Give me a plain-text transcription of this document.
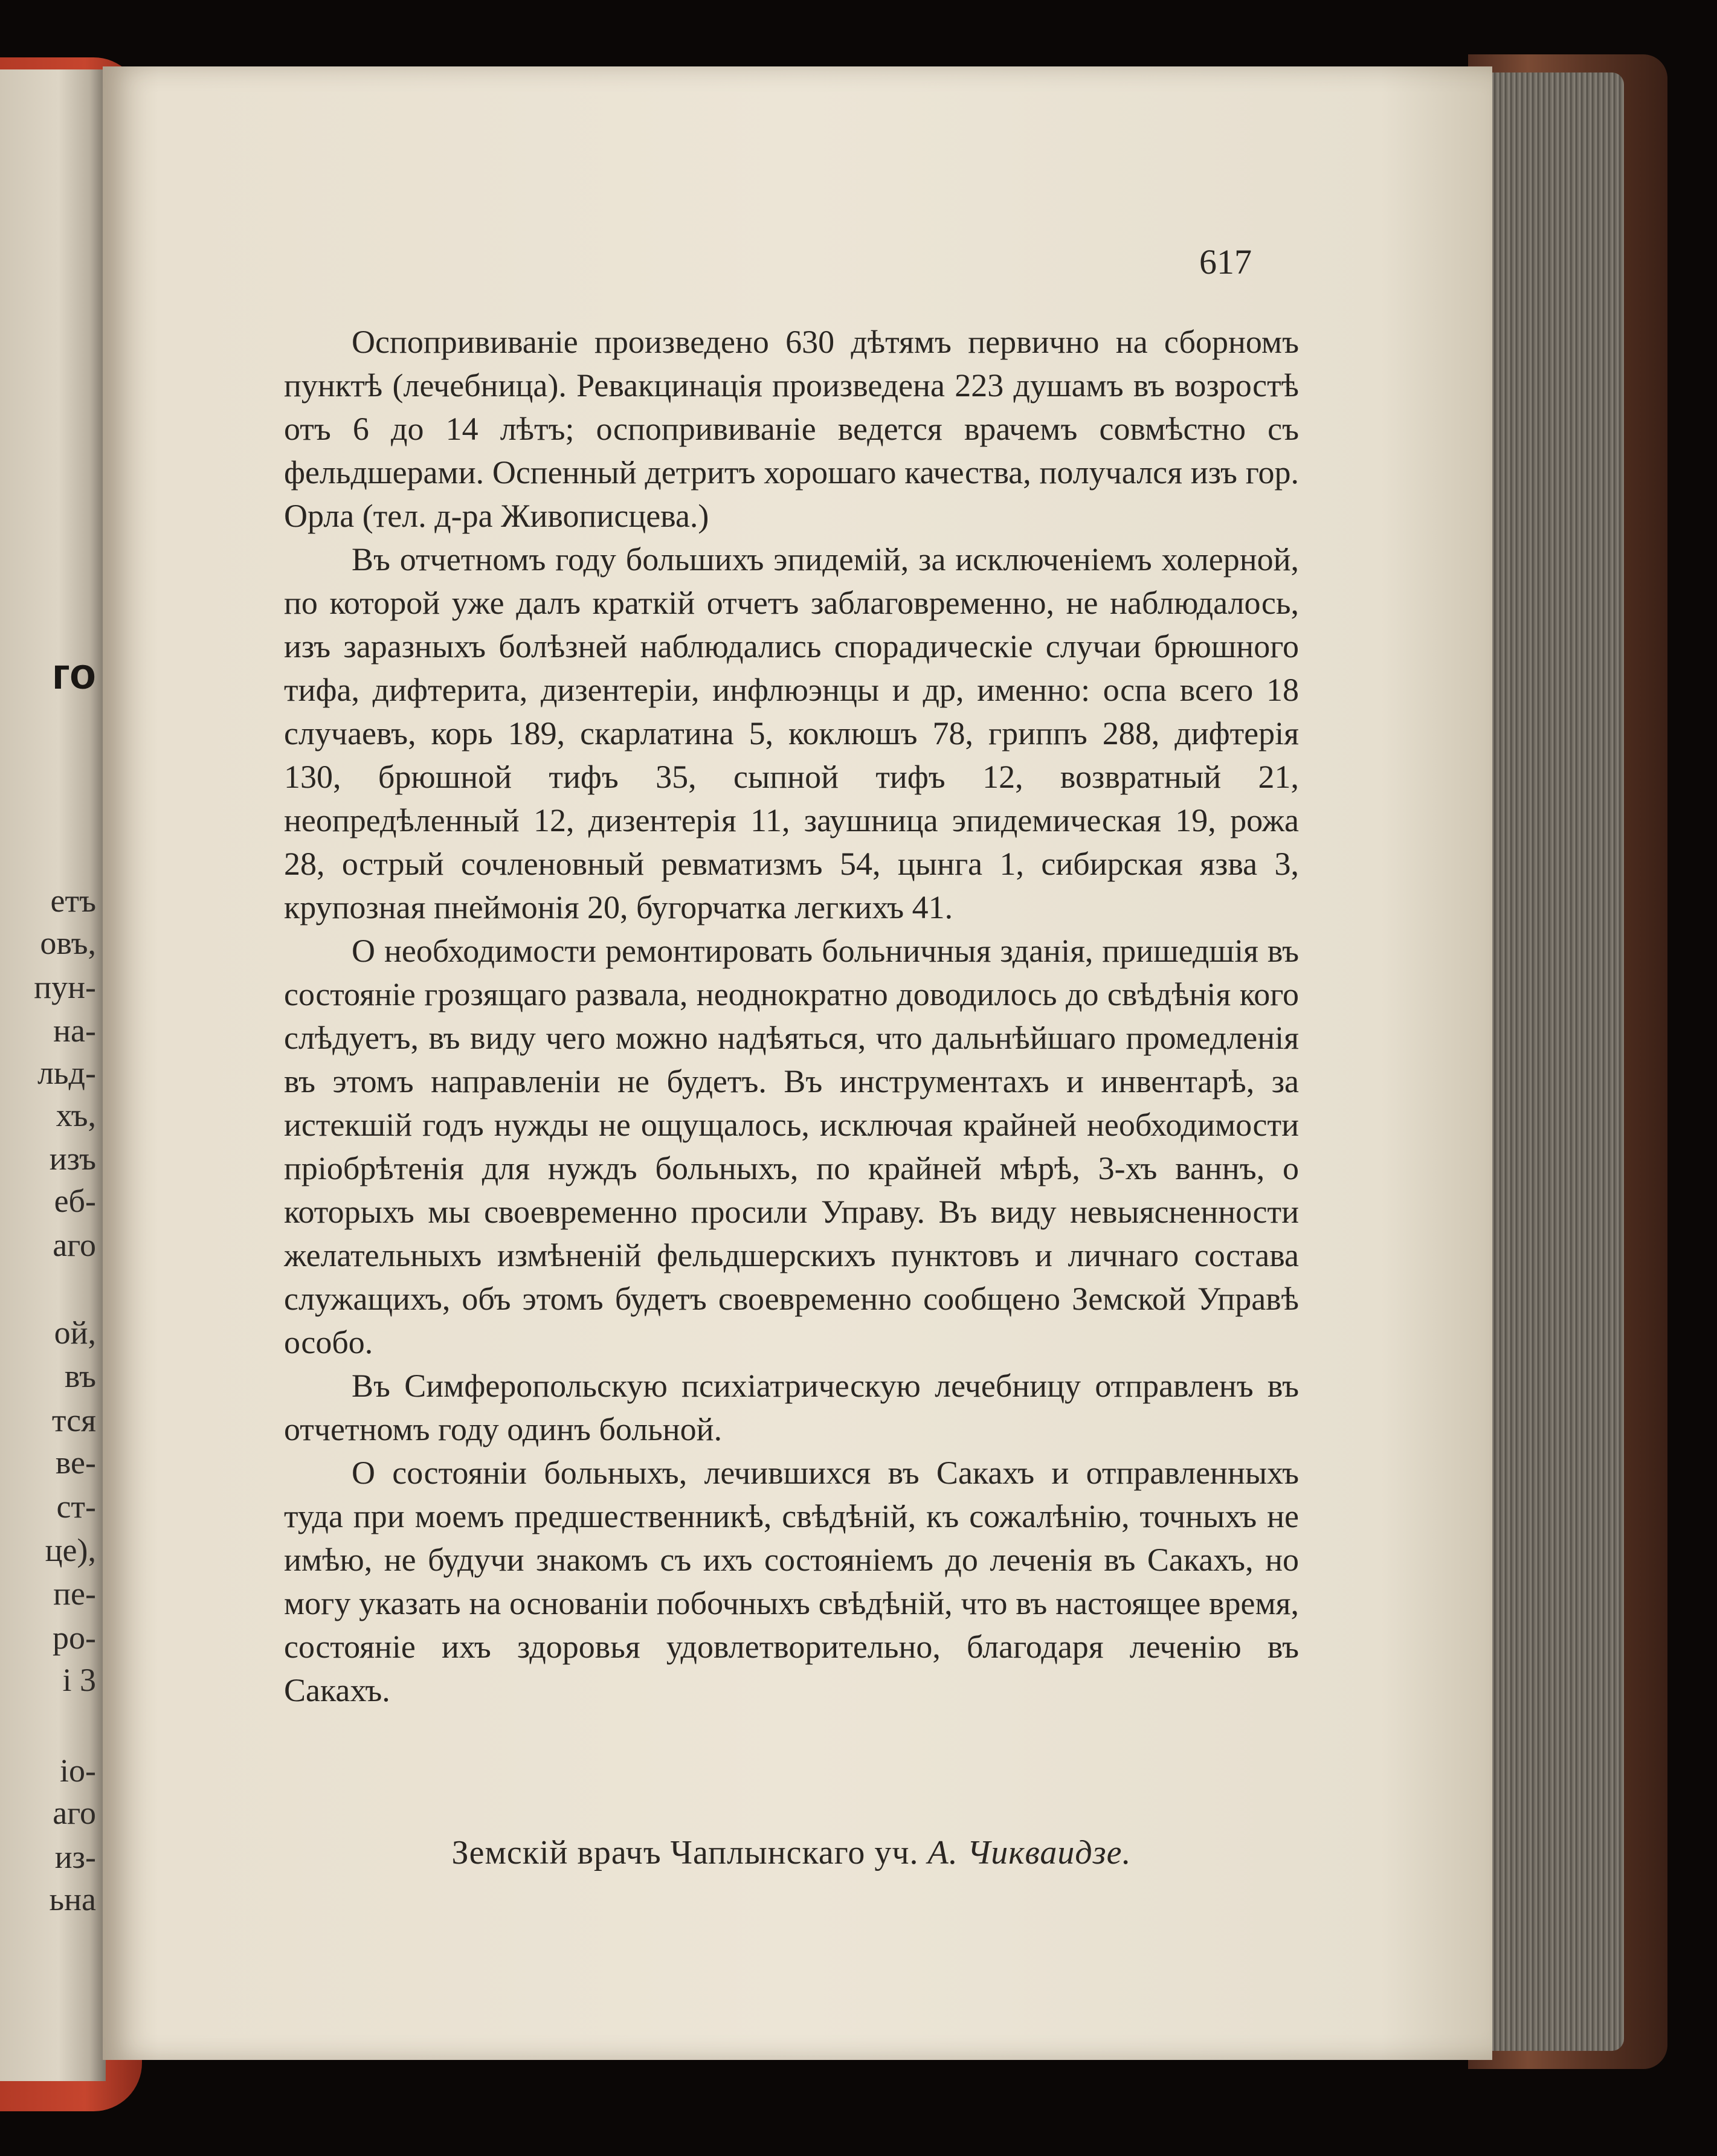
го
етъ
овъ,
пун-
на-
льд-
хъ,
изъ
еб-
аго
ой,
въ
тся
ве-
ст-
це),
пе-
ро-
і 3
іо-
аго
из-
ьна
617

Оспопрививаніе произведено 630 дѣтямъ первично на сборномъ пунктѣ (лечебница). Ревакцинація произведена 223 душамъ въ возростѣ отъ 6 до 14 лѣтъ; оспопрививаніе ведется врачемъ совмѣстно съ фельдшерами. Оспенный детритъ хорошаго качества, получался изъ гор. Орла (тел. д-ра Живописцева.)

Въ отчетномъ году большихъ эпидемій, за исключеніемъ холерной, по которой уже далъ краткій отчетъ заблаговременно, не наблюдалось, изъ заразныхъ болѣзней наблюдались спорадическіе случаи брюшного тифа, дифтерита, дизентеріи, инфлюэнцы и др, именно: оспа всего 18 случаевъ, корь 189, скарлатина 5, коклюшъ 78, гриппъ 288, дифтерія 130, брюшной тифъ 35, сыпной тифъ 12, возвратный 21, неопредѣленный 12, дизентерія 11, заушница эпидемическая 19, рожа 28, острый сочленовный ревматизмъ 54, цынга 1, сибирская язва 3, крупозная пнеймонія 20, бугорчатка легкихъ 41.

О необходимости ремонтировать больничныя зданія, пришедшія въ состояніе грозящаго развала, неоднократно доводилось до свѣдѣнія кого слѣдуетъ, въ виду чего можно надѣяться, что дальнѣйшаго промедленія въ этомъ направленіи не будетъ. Въ инструментахъ и инвентарѣ, за истекшій годъ нужды не ощущалось, исключая крайней необходимости пріобрѣтенія для нуждъ больныхъ, по крайней мѣрѣ, 3-хъ ваннъ, о которыхъ мы своевременно просили Управу. Въ виду невыясненности желательныхъ измѣненій фельдшерскихъ пунктовъ и личнаго состава служащихъ, объ этомъ будетъ своевременно сообщено Земской Управѣ особо.

Въ Симферопольскую психіатрическую лечебницу отправленъ въ отчетномъ году одинъ больной.

О состояніи больныхъ, лечившихся въ Сакахъ и отправленныхъ туда при моемъ предшественникѣ, свѣдѣній, къ сожалѣнію, точныхъ не имѣю, не будучи знакомъ съ ихъ состояніемъ до леченія въ Сакахъ, но могу указать на основаніи побочныхъ свѣдѣній, что въ настоящее время, состояніе ихъ здоровья удовлетворительно, благодаря леченію въ Сакахъ.

Земскій врачъ Чаплынскаго уч. А. Чикваидзе.
